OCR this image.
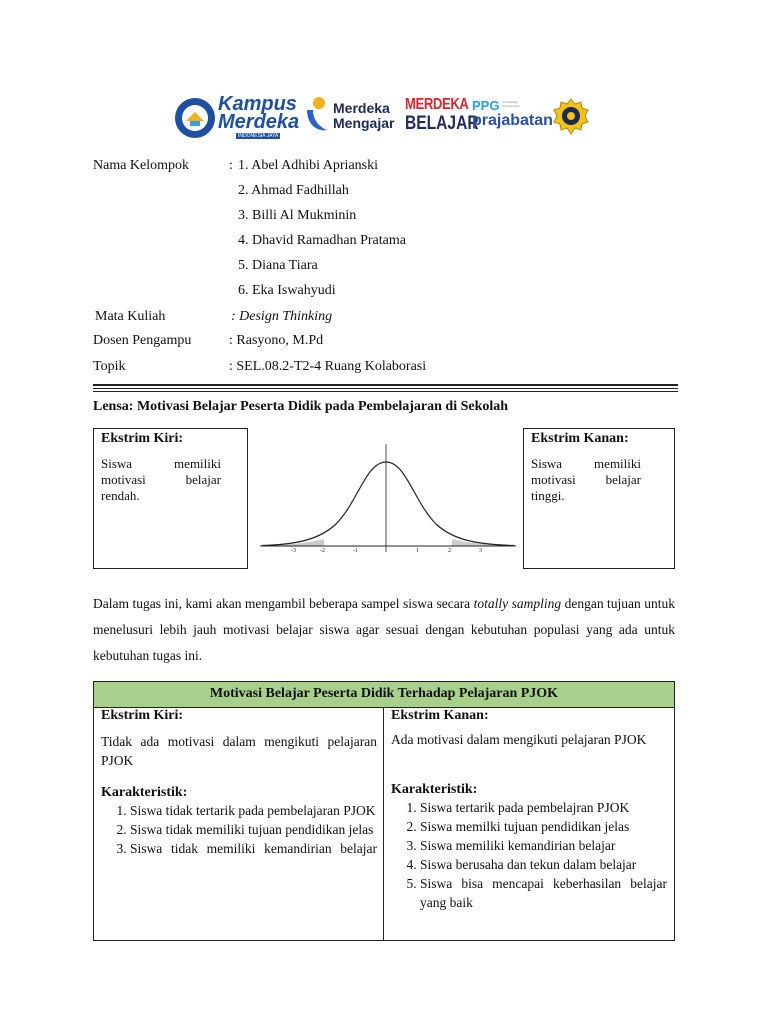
Kampus
Merdeka
INDONESIA JAYA
Merdeka
Mengajar
MERDEKA
BELAJAR
PPG Pendidikan Profesi Guru
prajabatan
Nama Kelompok	: 1. Abel Adhibi Aprianski
2. Ahmad Fadhillah
3. Billi Al Mukminin
4. Dhavid Ramadhan Pratama
5. Diana Tiara
6. Eka Iswahyudi
Mata Kuliah	: Design Thinking
Dosen Pengampu	: Rasyono, M.Pd
Topik	: SEL.08.2-T2-4 Ruang Kolaborasi
Lensa: Motivasi Belajar Peserta Didik pada Pembelajaran di Sekolah
Ekstrim Kiri:
Siswa memiliki motivasi belajar rendah.
-3	-2	-1	1	2	3
Ekstrim Kanan:
Siswa memiliki motivasi belajar tinggi.

Dalam tugas ini, kami akan mengambil beberapa sampel siswa secara totally sampling dengan tujuan untuk menelusuri lebih jauh motivasi belajar siswa agar sesuai dengan kebutuhan populasi yang ada untuk kebutuhan tugas ini.

Motivasi Belajar Peserta Didik Terhadap Pelajaran PJOK
Ekstrim Kiri:
Tidak ada motivasi dalam mengikuti pelajaran PJOK
Karakteristik:
1. Siswa tidak tertarik pada pembelajaran PJOK
2. Siswa tidak memiliki tujuan pendidikan jelas
3. Siswa tidak memiliki kemandirian belajar
Ekstrim Kanan:
Ada motivasi dalam mengikuti pelajaran PJOK
Karakteristik:
1. Siswa tertarik pada pembelajran PJOK
2. Siswa memilki tujuan pendidikan jelas
3. Siswa memiliki kemandirian belajar
4. Siswa berusaha dan tekun dalam belajar
5. Siswa bisa mencapai keberhasilan belajar yang baik
